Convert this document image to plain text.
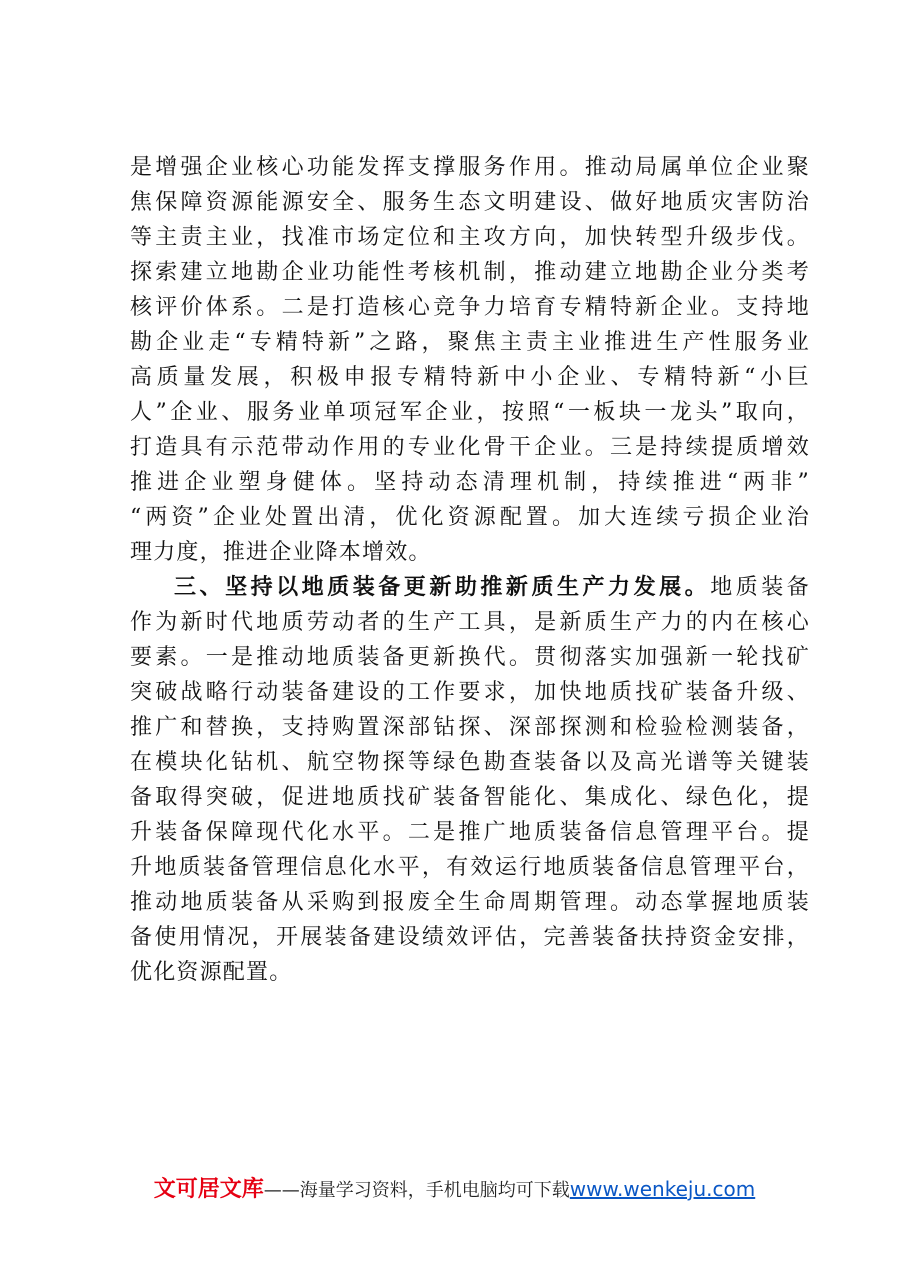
是增强企业核心功能发挥支撑服务作用。推动局属单位企业聚
焦保障资源能源安全、服务生态文明建设、做好地质灾害防治
等主责主业，找准市场定位和主攻方向，加快转型升级步伐。
探索建立地勘企业功能性考核机制，推动建立地勘企业分类考
核评价体系。二是打造核心竞争力培育专精特新企业。支持地
勘企业走“专精特新”之路，聚焦主责主业推进生产性服务业
高质量发展，积极申报专精特新中小企业、专精特新“小巨
人”企业、服务业单项冠军企业，按照“一板块一龙头”取向，
打造具有示范带动作用的专业化骨干企业。三是持续提质增效
推进企业塑身健体。坚持动态清理机制，持续推进“两非”
“两资”企业处置出清，优化资源配置。加大连续亏损企业治
理力度，推进企业降本增效。
三、坚持以地质装备更新助推新质生产力发展。地质装备
作为新时代地质劳动者的生产工具，是新质生产力的内在核心
要素。一是推动地质装备更新换代。贯彻落实加强新一轮找矿
突破战略行动装备建设的工作要求，加快地质找矿装备升级、
推广和替换，支持购置深部钻探、深部探测和检验检测装备，
在模块化钻机、航空物探等绿色勘查装备以及高光谱等关键装
备取得突破，促进地质找矿装备智能化、集成化、绿色化，提
升装备保障现代化水平。二是推广地质装备信息管理平台。提
升地质装备管理信息化水平，有效运行地质装备信息管理平台，
推动地质装备从采购到报废全生命周期管理。动态掌握地质装
备使用情况，开展装备建设绩效评估，完善装备扶持资金安排，
优化资源配置。
文可居文库——海量学习资料，手机电脑均可下载www.wenkeju.com
